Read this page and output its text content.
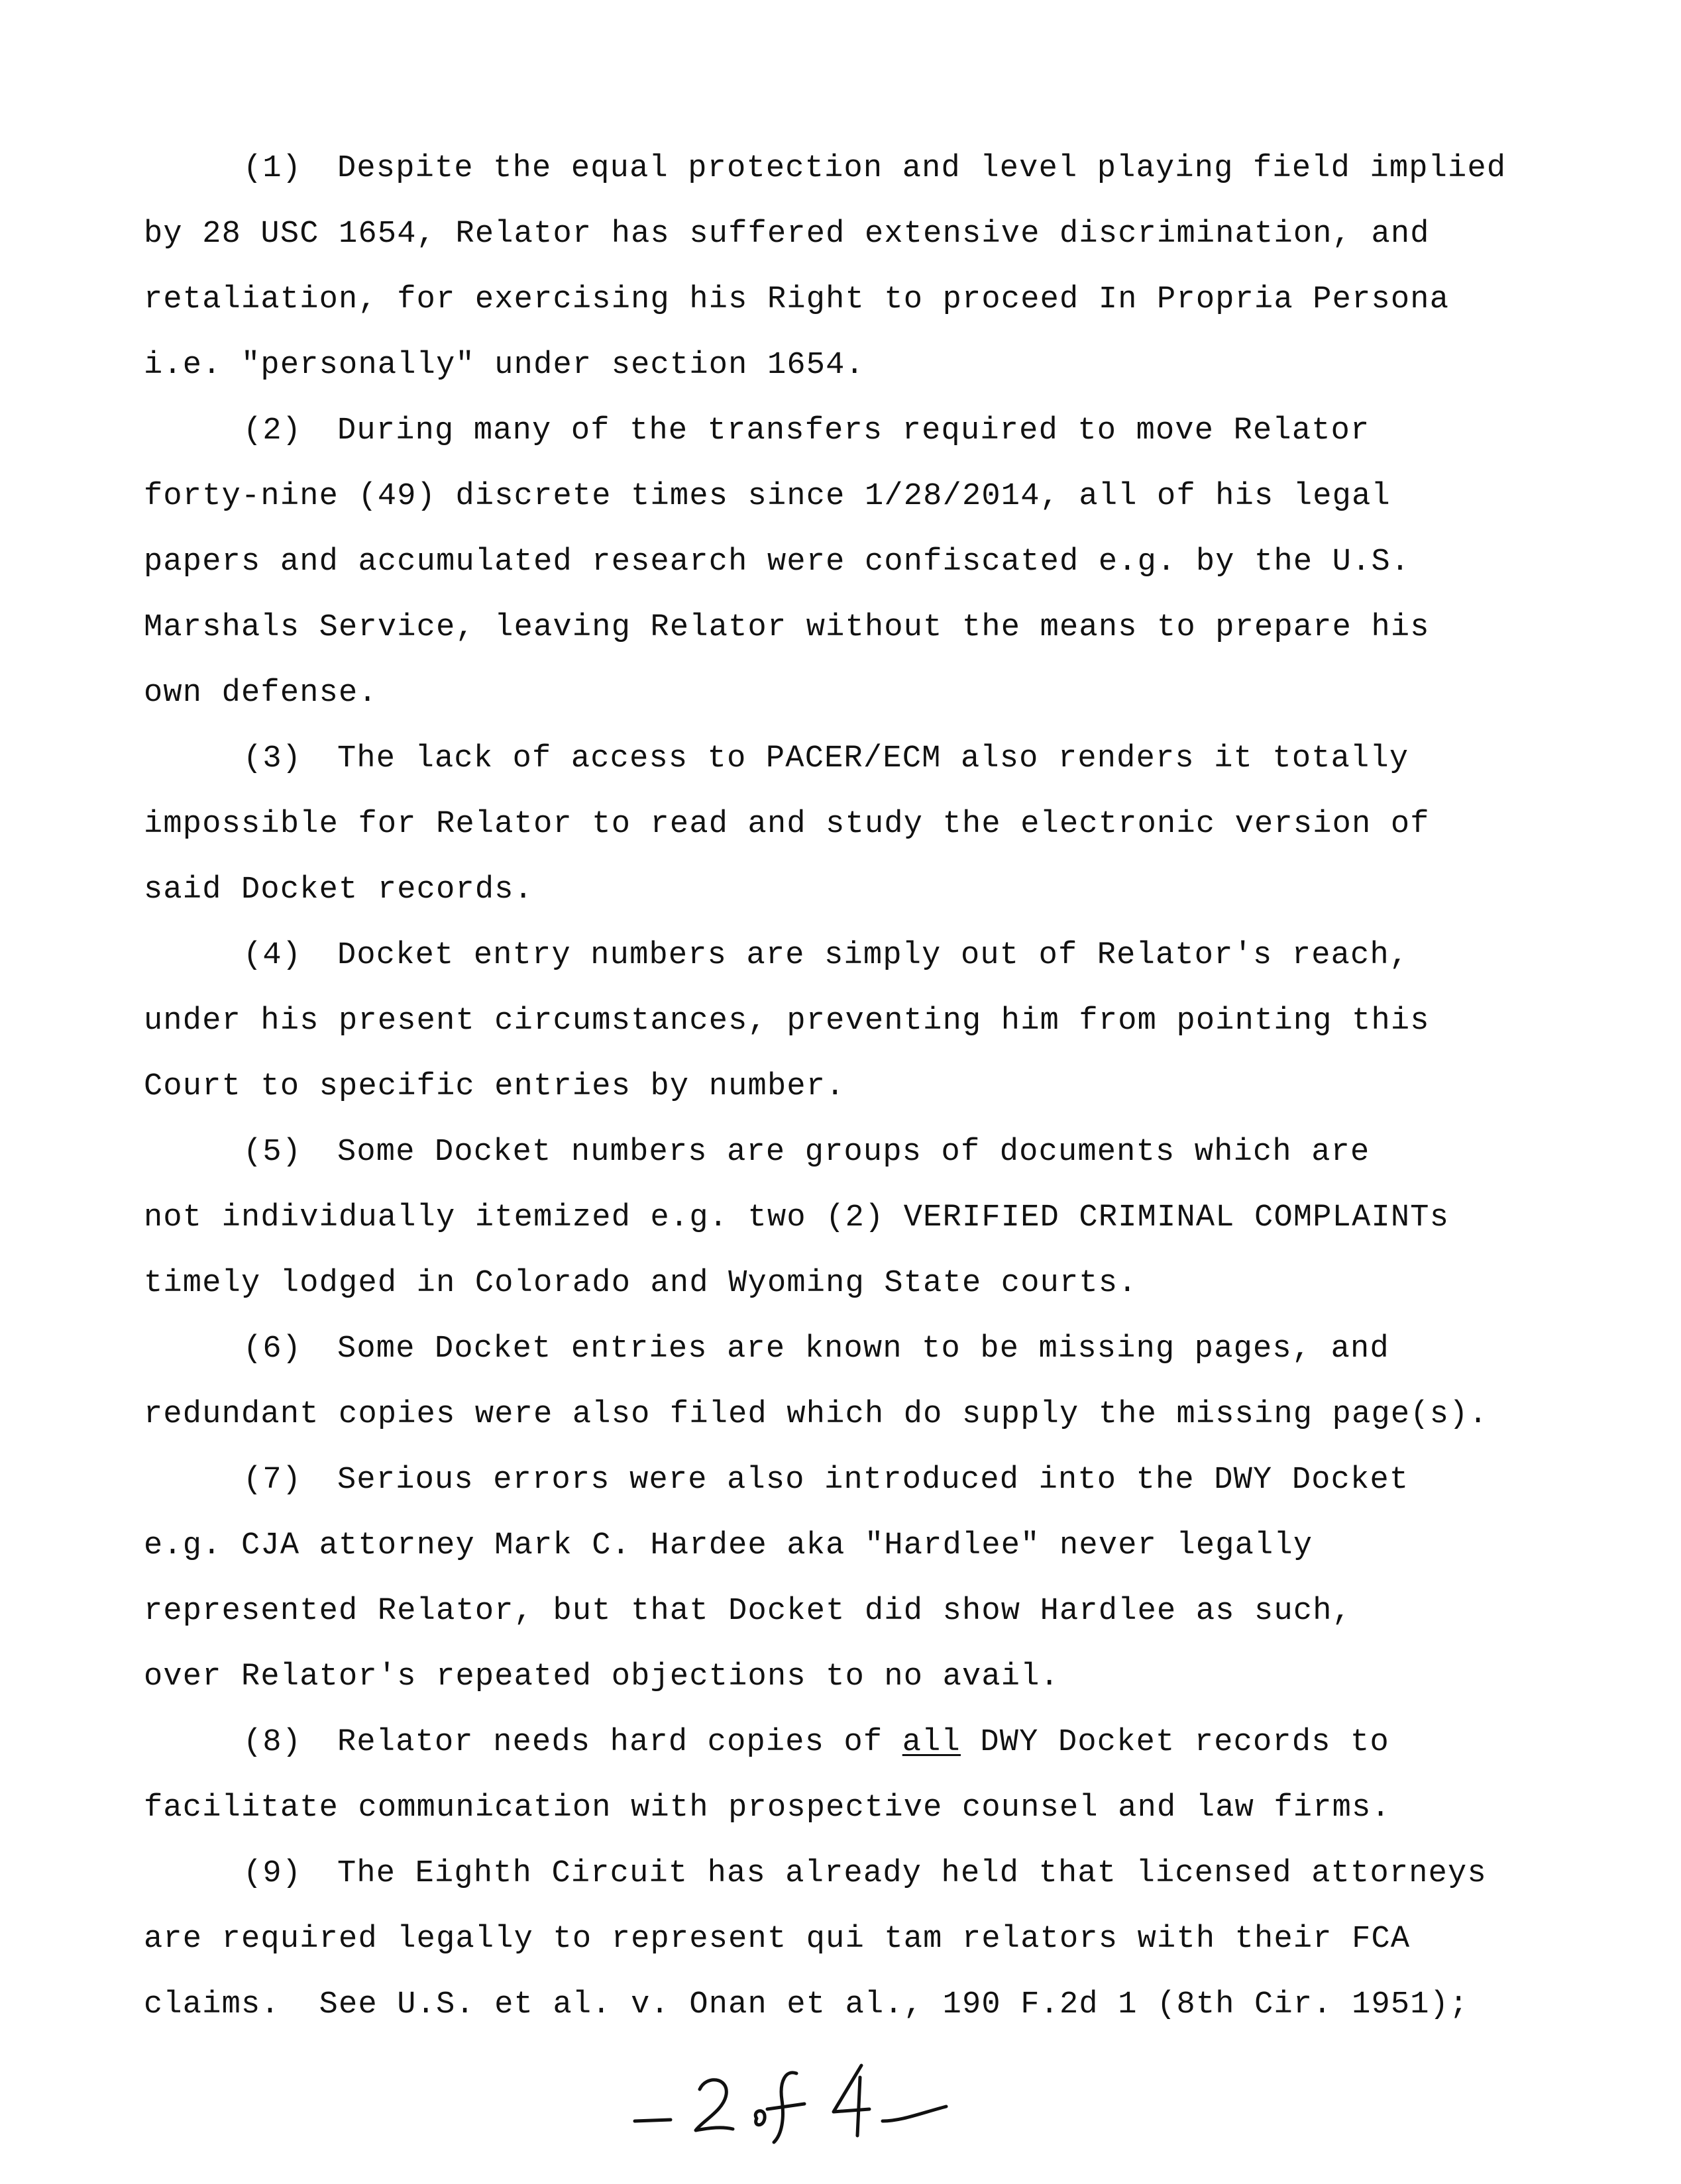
(1) Despite the equal protection and level playing field implied
by 28 USC 1654, Relator has suffered extensive discrimination, and
retaliation, for exercising his Right to proceed In Propria Persona
i.e. "personally" under section 1654.
(2) During many of the transfers required to move Relator
forty-nine (49) discrete times since 1/28/2014, all of his legal
papers and accumulated research were confiscated e.g. by the U.S.
Marshals Service, leaving Relator without the means to prepare his
own defense.
(3) The lack of access to PACER/ECM also renders it totally
impossible for Relator to read and study the electronic version of
said Docket records.
(4) Docket entry numbers are simply out of Relator's reach,
under his present circumstances, preventing him from pointing this
Court to specific entries by number.
(5) Some Docket numbers are groups of documents which are
not individually itemized e.g. two (2) VERIFIED CRIMINAL COMPLAINTs
timely lodged in Colorado and Wyoming State courts.
(6) Some Docket entries are known to be missing pages, and
redundant copies were also filed which do supply the missing page(s).
(7) Serious errors were also introduced into the DWY Docket
e.g. CJA attorney Mark C. Hardee aka "Hardlee" never legally
represented Relator, but that Docket did show Hardlee as such,
over Relator's repeated objections to no avail.
(8) Relator needs hard copies of all DWY Docket records to
facilitate communication with prospective counsel and law firms.
(9) The Eighth Circuit has already held that licensed attorneys
are required legally to represent qui tam relators with their FCA
claims.  See U.S. et al. v. Onan et al., 190 F.2d 1 (8th Cir. 1951);
